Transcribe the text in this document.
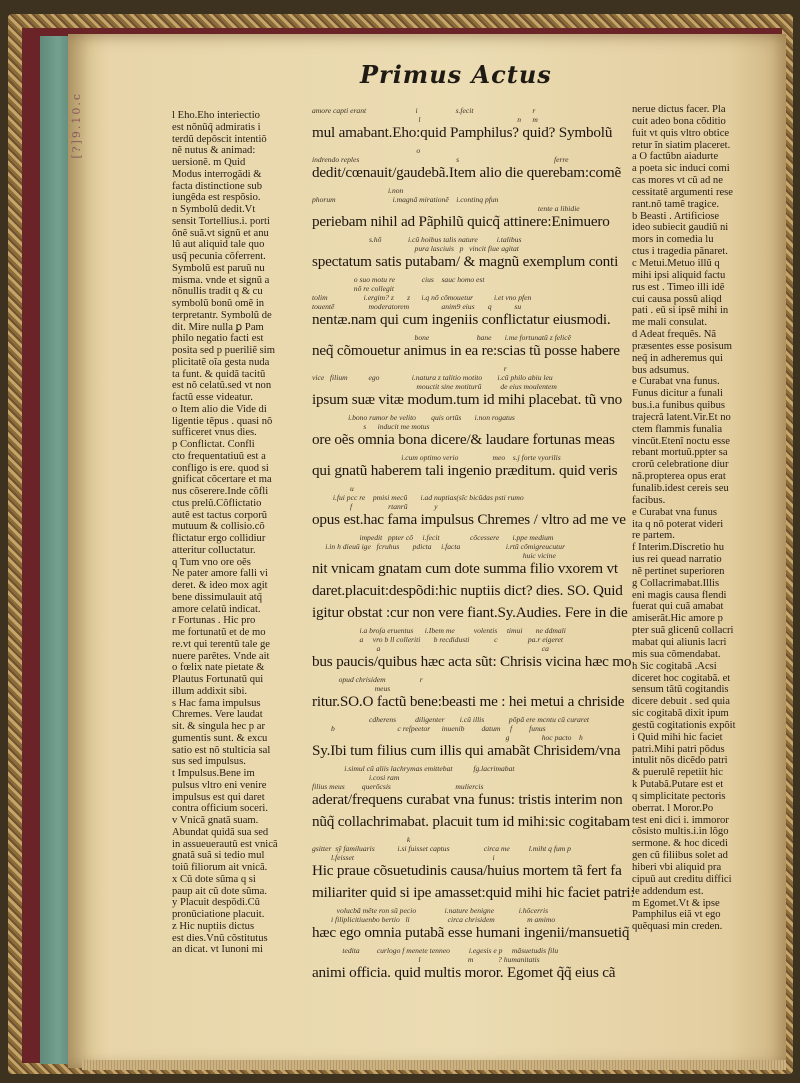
[?]9.10.c
Primus Actus

l Eho.Eho interiectio

est nõnũq̃ admiratis i

terdũ depõscit intentiõ

nẽ nutus & animad:

uersionẽ. m Quid

Modus interrogãdi &

facta distinctione sub

iungẽda est respõsio.

n Symbolũ dedit.Vt

sensit Tortellius.i. porti

õnẽ suã.vt signũ et anu

lũ aut aliquid tale quo

usq̃ pecunia cõferrent.

Symbolũ est paruũ nu

misma. vnde et signũ a

nõnullis tradit q & cu

symbolũ bonũ omẽ in

terpretantr. Symbolũ de

dit. Mire nulla ꝑ Pam

philo negatio facti est

posita sed p pueriliẽ sim

plicitatẽ oĩa gesta nuda

ta funt. & quidã tacitũ

est nõ celatũ.sed vt non

factũ esse videatur.

o Item alio die Vide di

ligentie tẽpus . quasi nõ

sufficeret vnus dies.

p Conflictat. Confli

cto frequentatiuũ est a

confligo is ere. quod si

gnificat cõcertare et ma

nus cõserere.Inde cõfli

ctus prelũ.Cõflictatio

autẽ est tactus corporũ

mutuum & collisio.cõ

flictatur ergo collidiur

atteritur colluctatur.

q Tum vno ore oẽs

Ne pater amore falli vi

deret. & ideo mox agit

bene dissimulauit atq̃

amore celatũ indicat.

r Fortunas . Hic pro

me fortunatũ et de mo

re.vt qui terentũ tale ge

nuere parẽtes. Vnde ait

o fœlix nate pietate &

Plautus Fortunatũ qui

illum addixit sibi.

s Hac fama impulsus

Chremes. Vere laudat

sit. & singula hec p ar

gumentis sunt. & excu

satio est nõ stulticia sal

sus sed impulsus.

t Impulsus.Bene im

pulsus vltro eni venire

impulsus est qui daret

contra officium soceri.

v Vnicã gnatã suam.

Abundat quidã sua sed

in assueuerautũ est vnicã

gnatã suã si tedio mul

toiũ filiorum ait vnicã.

x Cũ dote sũma q si

paup ait cũ dote sũma.

y Placuit despõdi.Cũ

pronũciatione placuit.

z Hic nuptiis dictus

est dies.Vnũ cõstitutus

an dicat. vt Iunoni mi

amore capti erant                          i                    s.fecit                               r
l                                                   n      m
mul amabant.Eho:quid Pamphilus? quid? Symbolũ
o
indrendo reples                                                   s                                                  ferre
dedit/cœnauit/gaudebã.Item alio die querebam:comẽ
i.non
phorum                              i.magnã mirationẽ    i.continq pfun
tente a libidie
periebam nihil ad Pãphilũ quicq̃ attinere:Enimuero
s.hõ              i.cũ hoibus talis nature          i.talibus
pura lasciuis   p   vincit fiue agitat
spectatum satis putabam/ & magnũ exemplum conti
o suo motu re              cius    sauc homo est
nõ re collegit
tolim                   i.ergim? z       z      i.q nõ cõmouetur           i.et vno pfen
touentẽ                  moderatorem                 anim9 eius       q            su
nentæ.nam qui cum ingeniis conflictatur eiusmodi.
bone                         bane       i.me fortunatũ z felicẽ
neq̃ cõmouetur animus in ea re:scias tũ posse habere
r
vice   filium           ego                 i.natura z talitio motito        i.cũ philo abiu leu
mouctit sine motiturũ          de eius moulentem
ipsum suæ vitæ modum.tum id mihi placebat. tũ vno
i.bono rumor be velito        quis ortũs       i.non rogatus
s      inducit me motus
ore oẽs omnia bona dicere/& laudare fortunas meas
i.cum optimo verio                  meo    s.j forte vyorilis
qui gnatũ haberem tali ingenio præditum. quid veris
u
i.fui pcc re    pmisi mecũ       i.ad nuptias(sĩc bicũdas psti rumo
f                   rtanrũ              y
opus est.hac fama impulsus Chremes / vltro ad me ve
impedit   ppter cõ     i.fecit                cõcessere       i.ppe medium
i.in h dieuũ ige   fcruhus       pdicta     i.facta                        i.rtũ cõmigreucutur
huic vicine
nit vnicam gnatam cum dote summa filio vxorem vt
daret.placuit:despõdi:hic nuptiis dict? dies. SO. Quid
igitur obstat :cur non vere fiant.Sy.Audies. Fere in die
i.a broſa eruentus      i.Ibem me          volentis     timui       ne ddmali
a     vro b ll colleriti       b recdidusti             c                pa.r eigeret
a                                                                                     ca
bus paucis/quibus hæc acta sũt: Chrisis vicina hæc mo
opud chrisidem                  r
meus
ritur.SO.O factũ bene:beasti me : hei metui a chriside
cdherens          diligenter        i.cũ illis             põpã ere mcntu cũ curaret
b                                 c reſpeetor      inuenib         datum     f         funus
g                 hoc pacto    h
Sy.Ibi tum filius cum illis qui amabãt Chrisidem/vna
i.simul cũ aliis lachrymas emittebat           fg.lacrimabat
i.cosi ram
filius meus         querõcsis                                  muliercis
aderat/frequens curabat vna funus: tristis interim non
nũq̃ collachrimabat. placuit tum id mihi:sic cogitabam
k
gsitter  sỹ familuaris            i.si fuisset captus                  circa me          l.miht q fum p
l.feisset                                                                         i
Hic praue cõsuetudinis causa/huius mortem tã fert fa
miliariter quid si ipe amasset:quid mihi hic faciet patri:
volucbã mẽte ron sũ pecio               i.nature benigne             i.hõcerris
i filiplicitiuenbo bertio   li                    circa chrisidem                 m amimo
hæc ego omnia putabã esse humani ingenii/mansuetiq̃
tedita         curlogo f menete tenneo          i.egesis e p     mãsuetudis filu
l                         m             ? humanitatis
animi officia. quid multis moror. Egomet q̃q̃ eius cã

nerue dictus facer. Pla

cuit adeo bona cõditio

fuit vt quis vltro obtice

retur ĩn siatim placeret.

a O factũbn aiadurte

a poeta sic induci comi

cas mores vt cũ ad ne

cessitatẽ argumenti rese

rant.nõ tamẽ tragice.

b Beasti . Artificiose

ideo subiecit gaudiũ ni

mors in comedia lu

ctus i tragedia pãnaret.

c Metui.Metuo illũ q

mihi ipsi aliquid factu

rus est . Timeo illi idẽ

cui causa possũ aliqd

pati . eũ si ipsẽ mihi in

me mali consulat.

d Adeat frequẽs. Nã

præsentes esse posisum

neq̃ in adheremus qui

bus adsumus.

e Curabat vna funus.

Funus dicitur a funali

bus.i.a funibus quibus

trajecrã latent.Vir.Et no

ctem flammis funalia

vincũt.Etenĩ noctu esse

rebant mortuũ.ppter sa

crorũ celebratione diur

nã.propterea opus erat

funalib.idest cereis seu

facibus.

e Curabat vna funus

ita q nõ poterat videri

re partem.

f Interim.Discretio hu

ius rei quead narratio

nẽ pertinet superioren

g Collacrimabat.Illis

eni magis causa flendi

fuerat qui cuã amabat

amiserãt.Hic amore p

pter suã glicenũ collacri

mabat qui aliunis lacri

mis sua cõmendabat.

h Sic cogitabã .Acsi

diceret hoc cogitabã. et

sensum tãtũ cogitandis

dicere debuit . sed quia

sic cogitabã dixit ipum

gestũ cogitationis expõit

i Quid mihi hic faciet

patri.Mihi patri põdus

intulit nõs dicẽdo patri

& puerulẽ repetiit hic

k Putabã.Putare est et

q simplicitate pectoris

oberrat. l Moror.Po

test eni dici i. immoror

cõsisto multis.i.in lõgo

sermone. & hoc dicedi

gen cũ filiibus solet ad

hiberi vbi aliquid pra

cipuũ aut creditu diffici

le addendum est.

m Egomet.Vt & ipse

Pamphilus eiã vt ego

quẽquasi min creden.
